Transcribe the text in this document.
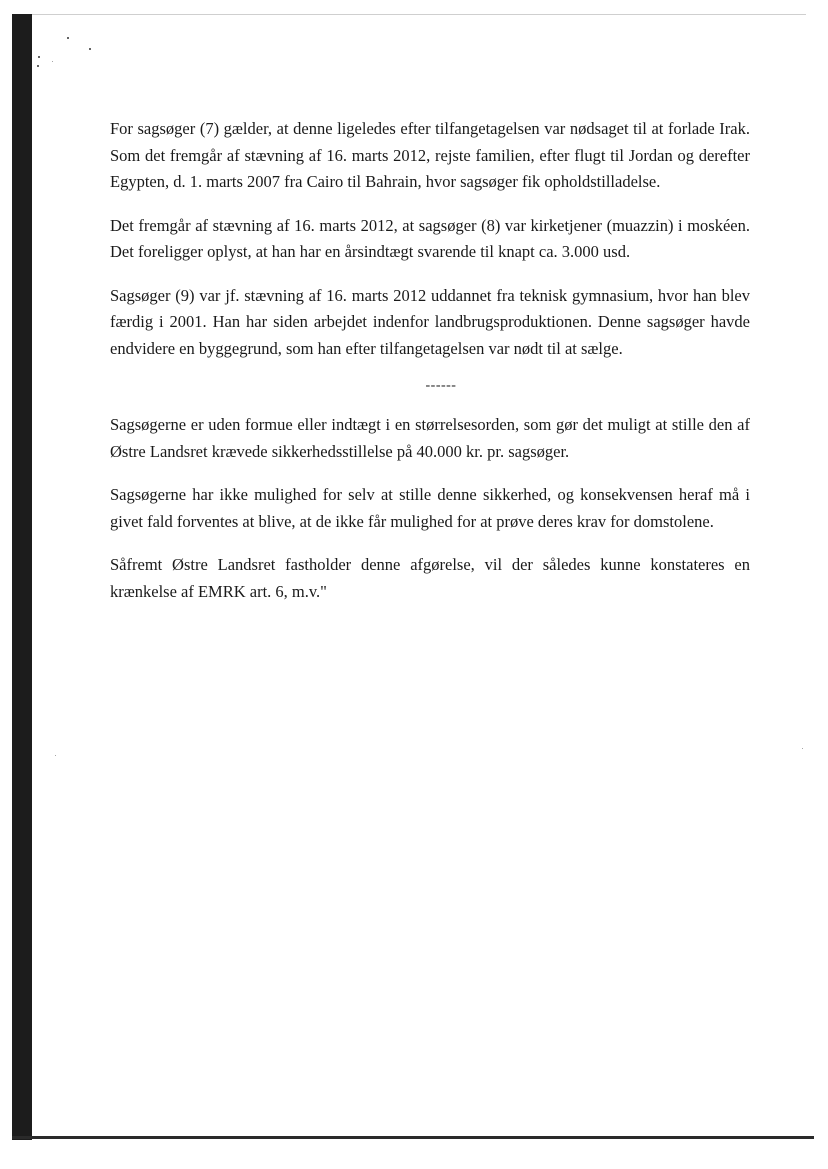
For sagsøger (7) gælder, at denne ligeledes efter tilfangetagelsen var nødsaget til at forlade Irak. Som det fremgår af stævning af 16. marts 2012, rejste familien, efter flugt til Jordan og derefter Egypten, d. 1. marts 2007 fra Cairo til Bahrain, hvor sagsøger fik opholdstilladelse.

Det fremgår af stævning af 16. marts 2012, at sagsøger (8) var kirketjener (muazzin) i moskéen. Det foreligger oplyst, at han har en årsindtægt svarende til knapt ca. 3.000 usd.

Sagsøger (9) var jf. stævning af 16. marts 2012 uddannet fra teknisk gymnasium, hvor han blev færdig i 2001. Han har siden arbejdet indenfor landbrugsproduktionen. Denne sagsøger havde endvidere en byggegrund, som han efter tilfangetagelsen var nødt til at sælge.

------

Sagsøgerne er uden formue eller indtægt i en størrelsesorden, som gør det muligt at stille den af Østre Landsret krævede sikkerhedsstillelse på 40.000 kr. pr. sagsøger.

Sagsøgerne har ikke mulighed for selv at stille denne sikkerhed, og konsekvensen heraf må i givet fald forventes at blive, at de ikke får mulighed for at prøve deres krav for domstolene.

Såfremt Østre Landsret fastholder denne afgørelse, vil der således kunne konstateres en krænkelse af EMRK art. 6, m.v."
